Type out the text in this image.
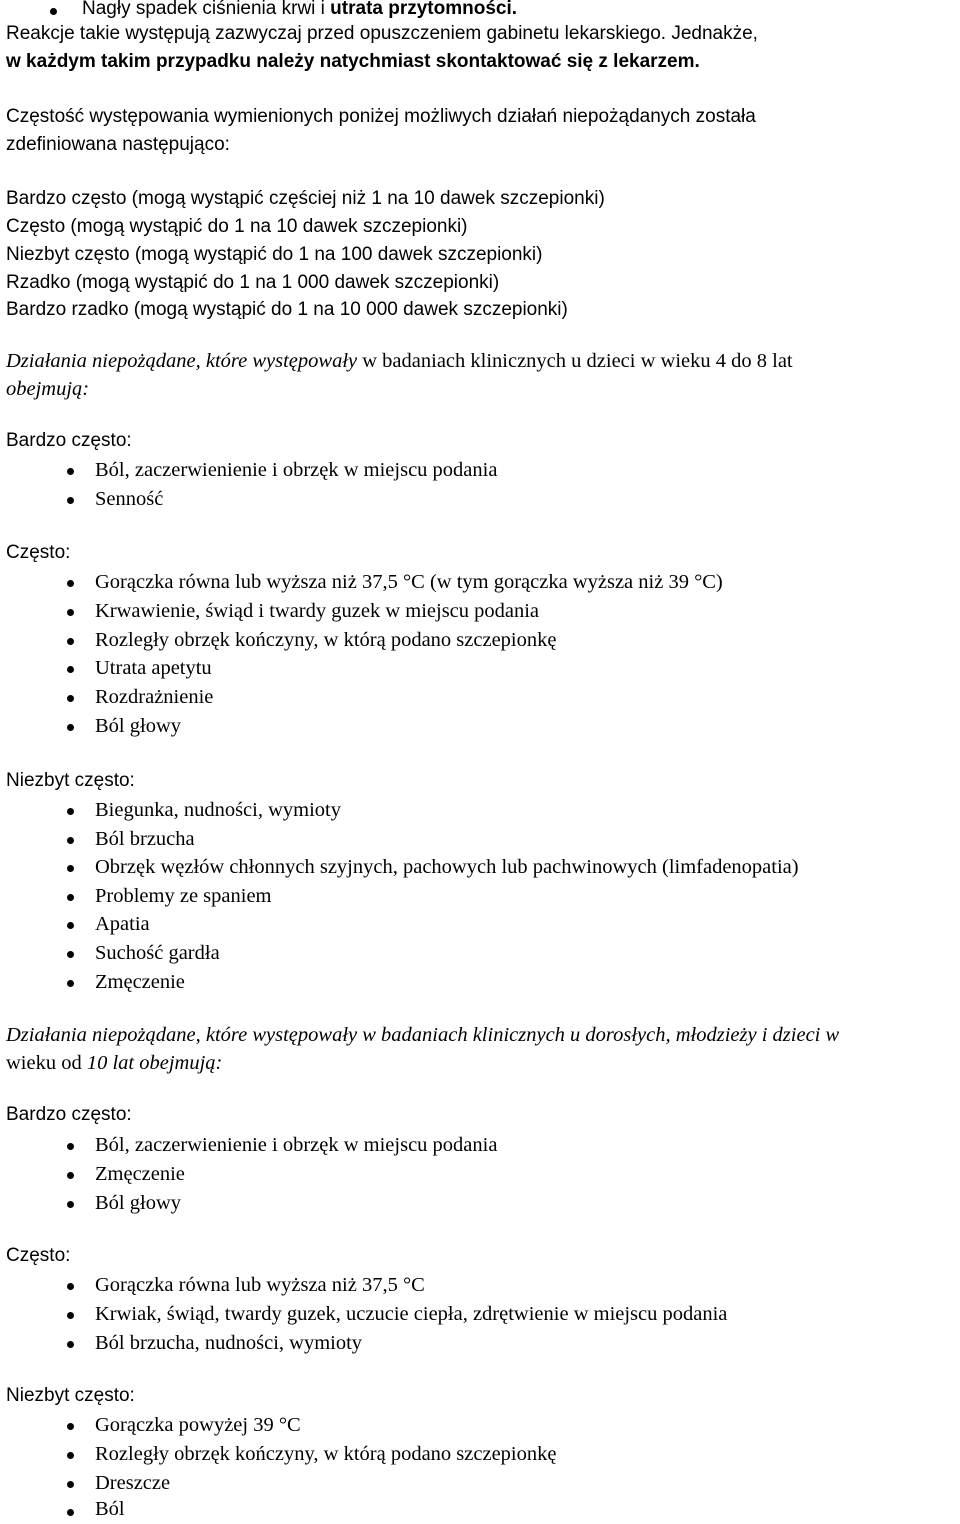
Nagły spadek ciśnienia krwi i utrata przytomności.
Reakcje takie występują zazwyczaj przed opuszczeniem gabinetu lekarskiego. Jednakże,
w każdym takim przypadku należy natychmiast skontaktować się z lekarzem.
Częstość występowania wymienionych poniżej możliwych działań niepożądanych została
zdefiniowana następująco:
Bardzo często (mogą wystąpić częściej niż 1 na 10 dawek szczepionki)
Często (mogą wystąpić do 1 na 10 dawek szczepionki)
Niezbyt często (mogą wystąpić do 1 na 100 dawek szczepionki)
Rzadko (mogą wystąpić do 1 na 1 000 dawek szczepionki)
Bardzo rzadko (mogą wystąpić do 1 na 10 000 dawek szczepionki)
Działania niepożądane, które występowały w badaniach klinicznych u dzieci w wieku 4 do 8 lat
obejmują:
Bardzo często:
Ból, zaczerwienienie i obrzęk w miejscu podania
Senność
Często:
Gorączka równa lub wyższa niż 37,5 °C (w tym gorączka wyższa niż 39 °C)
Krwawienie, świąd i twardy guzek w miejscu podania
Rozległy obrzęk kończyny, w którą podano szczepionkę
Utrata apetytu
Rozdrażnienie
Ból głowy
Niezbyt często:
Biegunka, nudności, wymioty
Ból brzucha
Obrzęk węzłów chłonnych szyjnych, pachowych lub pachwinowych (limfadenopatia)
Problemy ze spaniem
Apatia
Suchość gardła
Zmęczenie
Działania niepożądane, które występowały w badaniach klinicznych u dorosłych, młodzieży i dzieci w
wieku od 10 lat obejmują:
Bardzo często:
Ból, zaczerwienienie i obrzęk w miejscu podania
Zmęczenie
Ból głowy
Często:
Gorączka równa lub wyższa niż 37,5 °C
Krwiak, świąd, twardy guzek, uczucie ciepła, zdrętwienie w miejscu podania
Ból brzucha, nudności, wymioty
Niezbyt często:
Gorączka powyżej 39 °C
Rozległy obrzęk kończyny, w którą podano szczepionkę
Dreszcze
Ból
